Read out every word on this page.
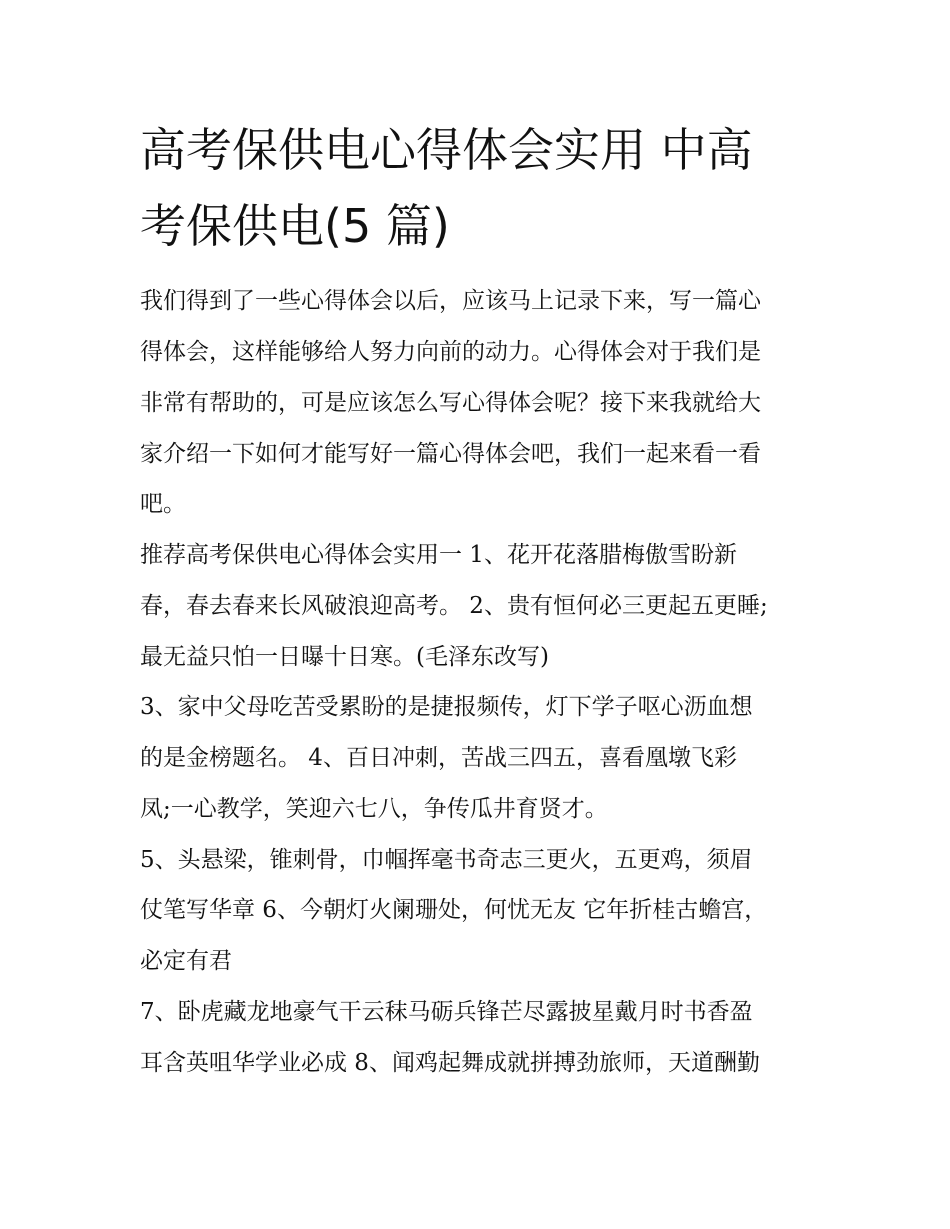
高考保供电心得体会实用 中高
考保供电(5 篇)

我们得到了一些心得体会以后，应该马上记录下来，写一篇心

得体会，这样能够给人努力向前的动力。心得体会对于我们是

非常有帮助的，可是应该怎么写心得体会呢？接下来我就给大

家介绍一下如何才能写好一篇心得体会吧，我们一起来看一看

吧。

推荐高考保供电心得体会实用一 1、花开花落腊梅傲雪盼新

春，春去春来长风破浪迎高考。 2、贵有恒何必三更起五更睡;

最无益只怕一日曝十日寒。(毛泽东改写)

3、家中父母吃苦受累盼的是捷报频传，灯下学子呕心沥血想

的是金榜题名。 4、百日冲刺，苦战三四五，喜看凰墩飞彩

凤;一心教学，笑迎六七八，争传瓜井育贤才。

5、头悬梁，锥刺骨，巾帼挥毫书奇志三更火，五更鸡，须眉

仗笔写华章 6、今朝灯火阑珊处，何忧无友 它年折桂古蟾宫，

必定有君

7、卧虎藏龙地豪气干云秣马砺兵锋芒尽露披星戴月时书香盈

耳含英咀华学业必成 8、闻鸡起舞成就拼搏劲旅师，天道酬勤
